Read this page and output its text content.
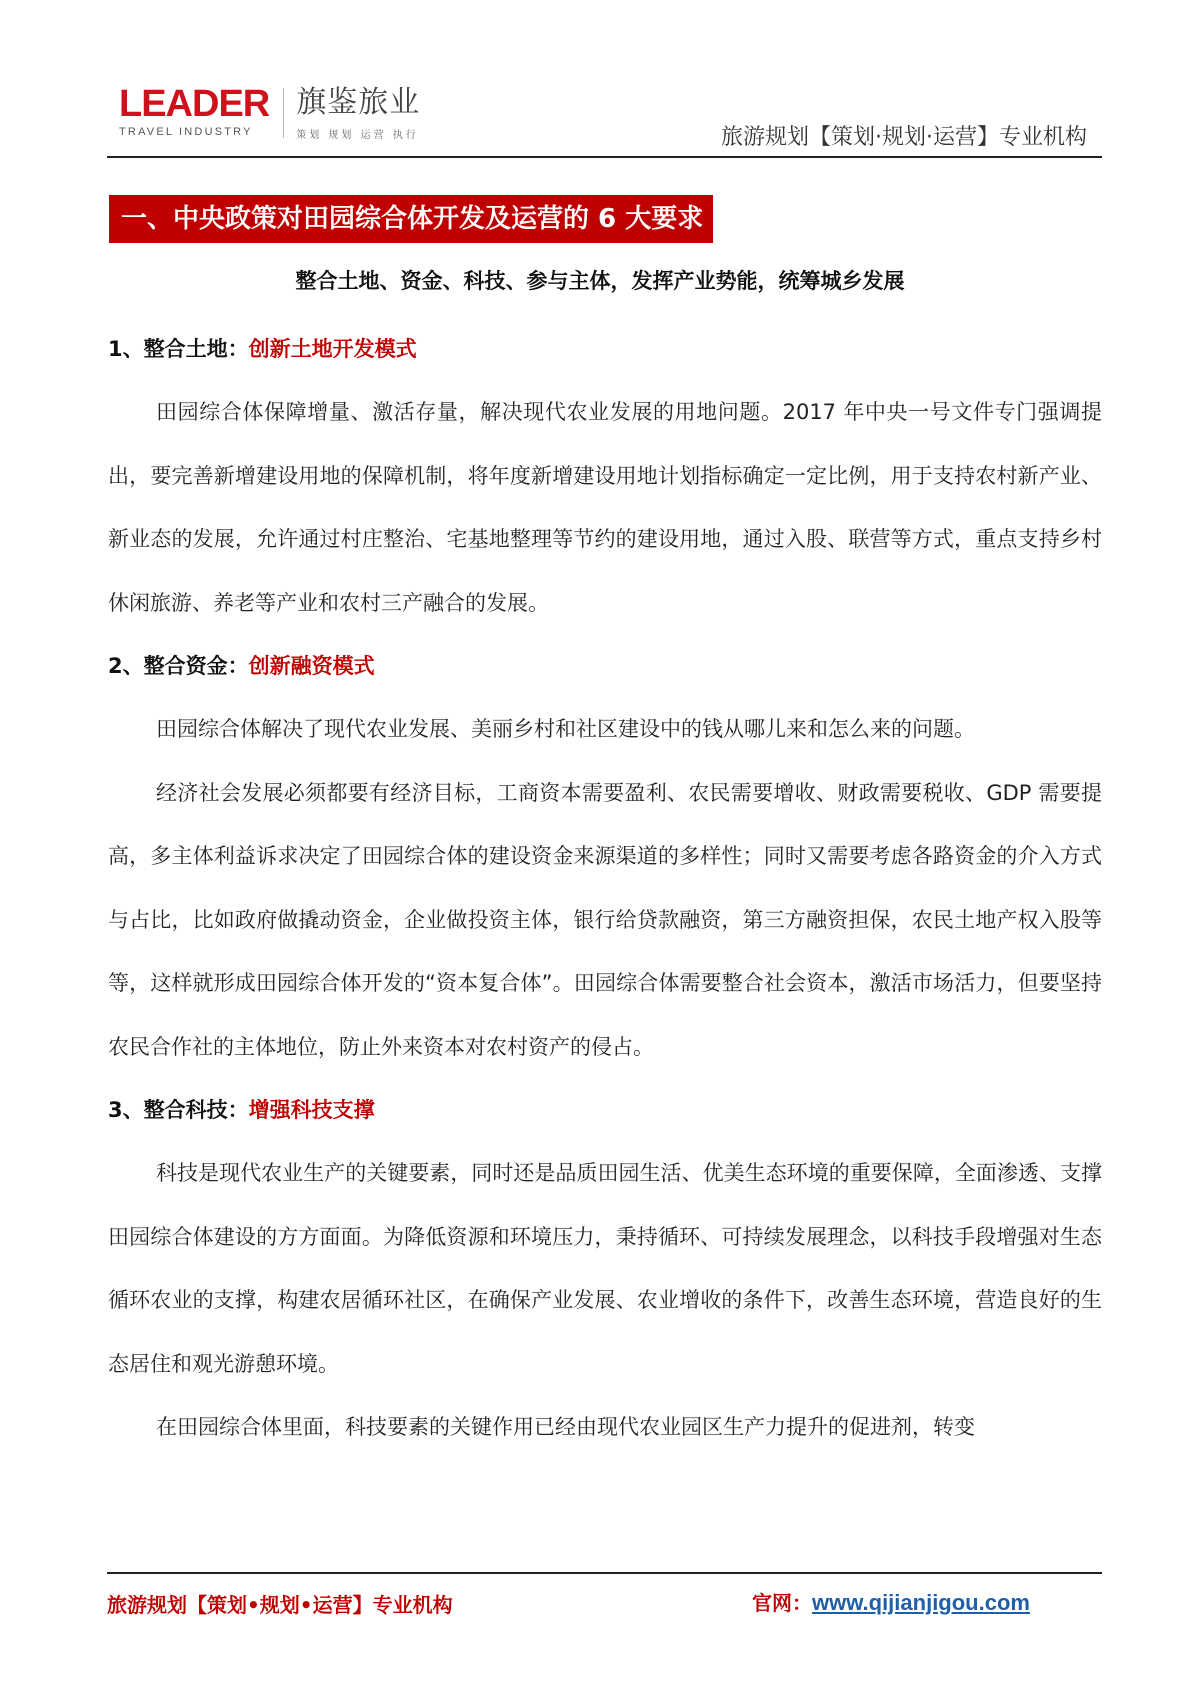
LEADER
TRAVEL INDUSTRY
旗鉴旅业
策划 规划 运营 执行	旅游规划【策划·规划·运营】专业机构
一、中央政策对田园综合体开发及运营的 6 大要求
整合土地、资金、科技、参与主体，发挥产业势能，统筹城乡发展
1、整合土地：创新土地开发模式

田园综合体保障增量、激活存量，解决现代农业发展的用地问题。2017 年中央一号文件专门强调提出，要完善新增建设用地的保障机制，将年度新增建设用地计划指标确定一定比例，用于支持农村新产业、新业态的发展，允许通过村庄整治、宅基地整理等节约的建设用地，通过入股、联营等方式，重点支持乡村休闲旅游、养老等产业和农村三产融合的发展。

2、整合资金：创新融资模式

田园综合体解决了现代农业发展、美丽乡村和社区建设中的钱从哪儿来和怎么来的问题。

经济社会发展必须都要有经济目标，工商资本需要盈利、农民需要增收、财政需要税收、GDP 需要提高，多主体利益诉求决定了田园综合体的建设资金来源渠道的多样性；同时又需要考虑各路资金的介入方式与占比，比如政府做撬动资金，企业做投资主体，银行给贷款融资，第三方融资担保，农民土地产权入股等等，这样就形成田园综合体开发的“资本复合体”。田园综合体需要整合社会资本，激活市场活力，但要坚持农民合作社的主体地位，防止外来资本对农村资产的侵占。

3、整合科技：增强科技支撑

科技是现代农业生产的关键要素，同时还是品质田园生活、优美生态环境的重要保障，全面渗透、支撑田园综合体建设的方方面面。为降低资源和环境压力，秉持循环、可持续发展理念，以科技手段增强对生态循环农业的支撑，构建农居循环社区，在确保产业发展、农业增收的条件下，改善生态环境，营造良好的生态居住和观光游憩环境。

在田园综合体里面，科技要素的关键作用已经由现代农业园区生产力提升的促进剂，转变

旅游规划【策划•规划•运营】专业机构	官网：www.qijianjigou.com
